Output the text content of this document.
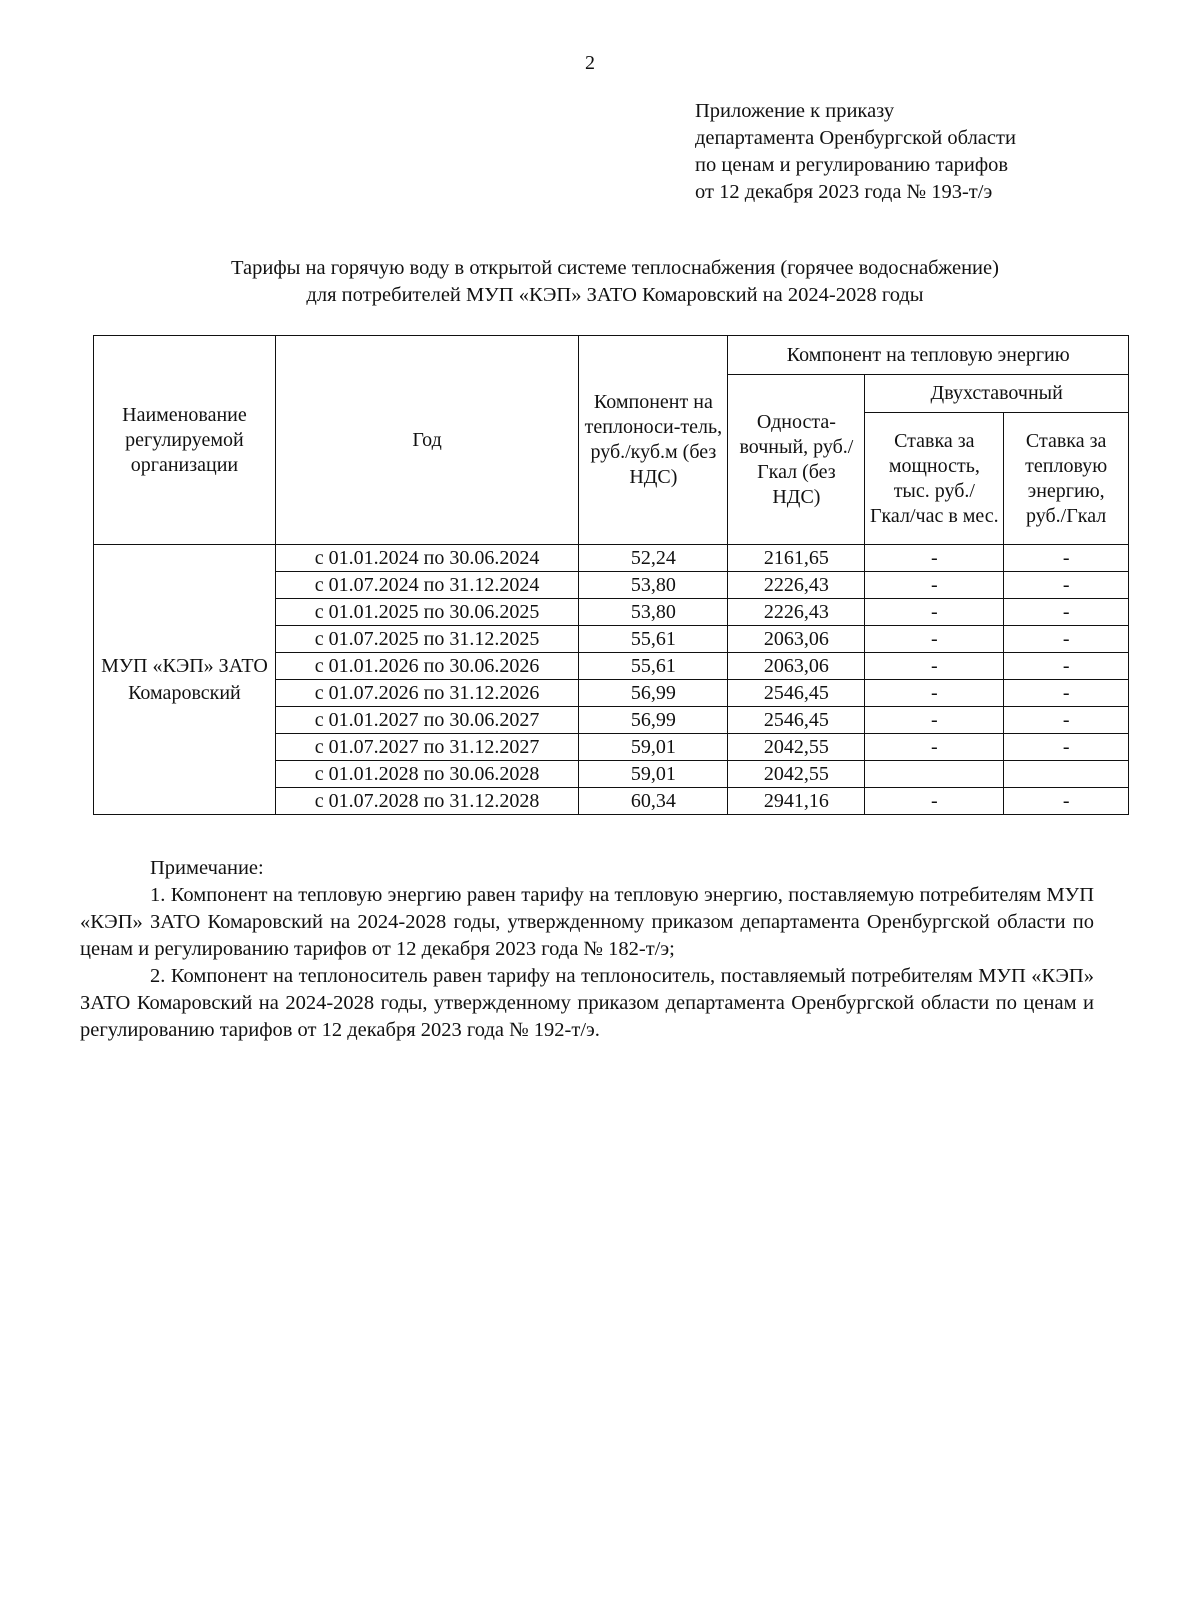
2
Приложение к приказу
департамента Оренбургской области
по ценам и регулированию тарифов
от 12 декабря 2023 года № 193-т/э
Тарифы на горячую воду в открытой системе теплоснабжения (горячее водоснабжение)
для потребителей МУП «КЭП» ЗАТО Комаровский на 2024-2028 годы
Наименование регулируемой организации	Год	Компонент на теплоноси-тель, руб./куб.м (без НДС)	Компонент на тепловую энергию		
			Односта-вочный, руб./Гкал (без НДС)	Двухставочный	
				Ставка за мощность, тыс. руб./ Гкал/час в мес.	Ставка за тепловую энергию, руб./Гкал
МУП «КЭП» ЗАТО Комаровский	с 01.01.2024 по 30.06.2024	52,24	2161,65	-	-
	с 01.07.2024 по 31.12.2024	53,80	2226,43	-	-
	с 01.01.2025 по 30.06.2025	53,80	2226,43	-	-
	с 01.07.2025 по 31.12.2025	55,61	2063,06	-	-
	с 01.01.2026 по 30.06.2026	55,61	2063,06	-	-
	с 01.07.2026 по 31.12.2026	56,99	2546,45	-	-
	с 01.01.2027 по 30.06.2027	56,99	2546,45	-	-
	с 01.07.2027 по 31.12.2027	59,01	2042,55	-	-
	с 01.01.2028 по 30.06.2028	59,01	2042,55		
	с 01.07.2028 по 31.12.2028	60,34	2941,16	-	-

Примечание:

1. Компонент на тепловую энергию равен тарифу на тепловую энергию, поставляемую потребителям МУП «КЭП» ЗАТО Комаровский на 2024-2028 годы, утвержденному приказом департамента Оренбургской области по ценам и регулированию тарифов от 12 декабря 2023 года № 182-т/э;

2. Компонент на теплоноситель равен тарифу на теплоноситель, поставляемый потребителям МУП «КЭП» ЗАТО Комаровский на 2024-2028 годы, утвержденному приказом департамента Оренбургской области по ценам и регулированию тарифов от 12 декабря 2023 года № 192-т/э.
